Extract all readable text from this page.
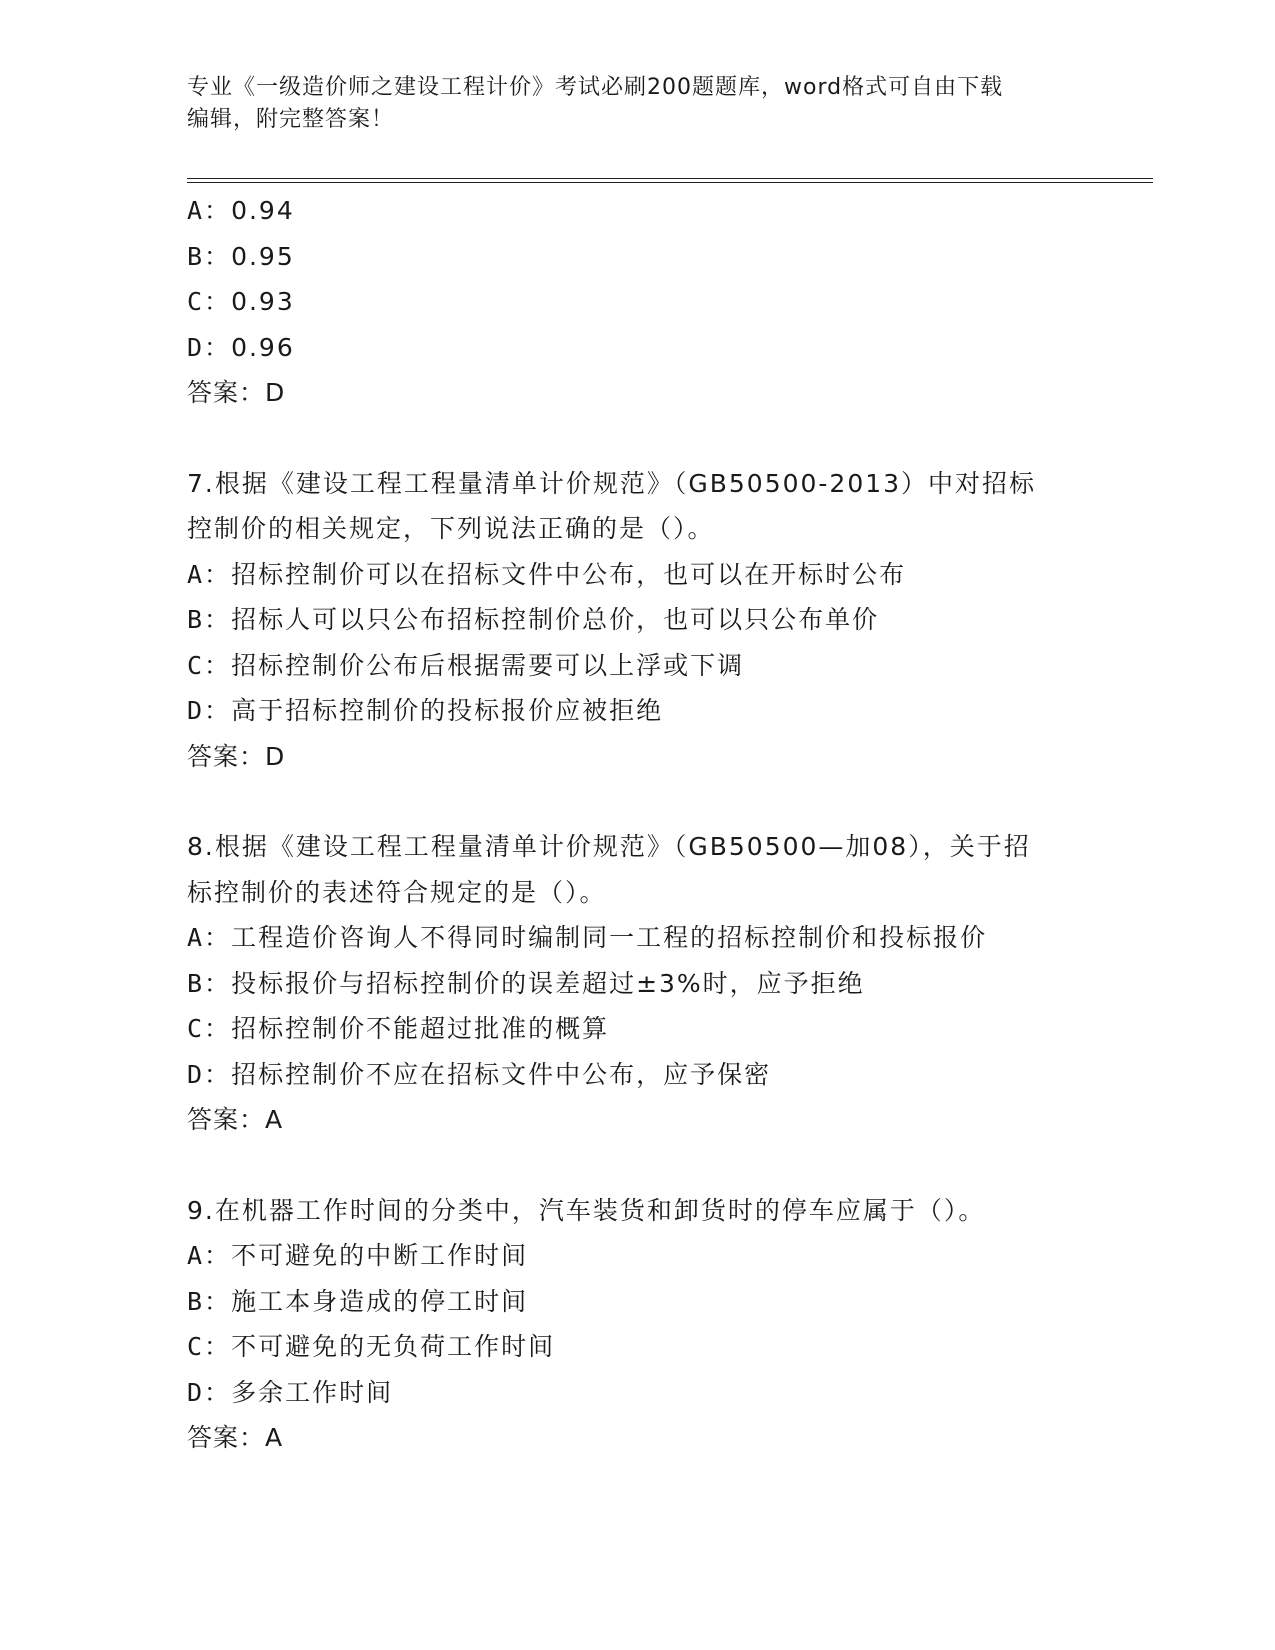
专业《一级造价师之建设工程计价》考试必刷200题题库，word格式可自由下载
编辑，附完整答案！
A：0.94
B：0.95
C：0.93
D：0.96
答案：D
7.根据《建设工程工程量清单计价规范》（GB50500-2013）中对招标
控制价的相关规定，下列说法正确的是（）。
A：招标控制价可以在招标文件中公布，也可以在开标时公布
B：招标人可以只公布招标控制价总价，也可以只公布单价
C：招标控制价公布后根据需要可以上浮或下调
D：高于招标控制价的投标报价应被拒绝
答案：D
8.根据《建设工程工程量清单计价规范》（GB50500—加08），关于招
标控制价的表述符合规定的是（）。
A：工程造价咨询人不得同时编制同一工程的招标控制价和投标报价
B：投标报价与招标控制价的误差超过±3%时，应予拒绝
C：招标控制价不能超过批准的概算
D：招标控制价不应在招标文件中公布，应予保密
答案：A
9.在机器工作时间的分类中，汽车装货和卸货时的停车应属于（）。
A：不可避免的中断工作时间
B：施工本身造成的停工时间
C：不可避免的无负荷工作时间
D：多余工作时间
答案：A
